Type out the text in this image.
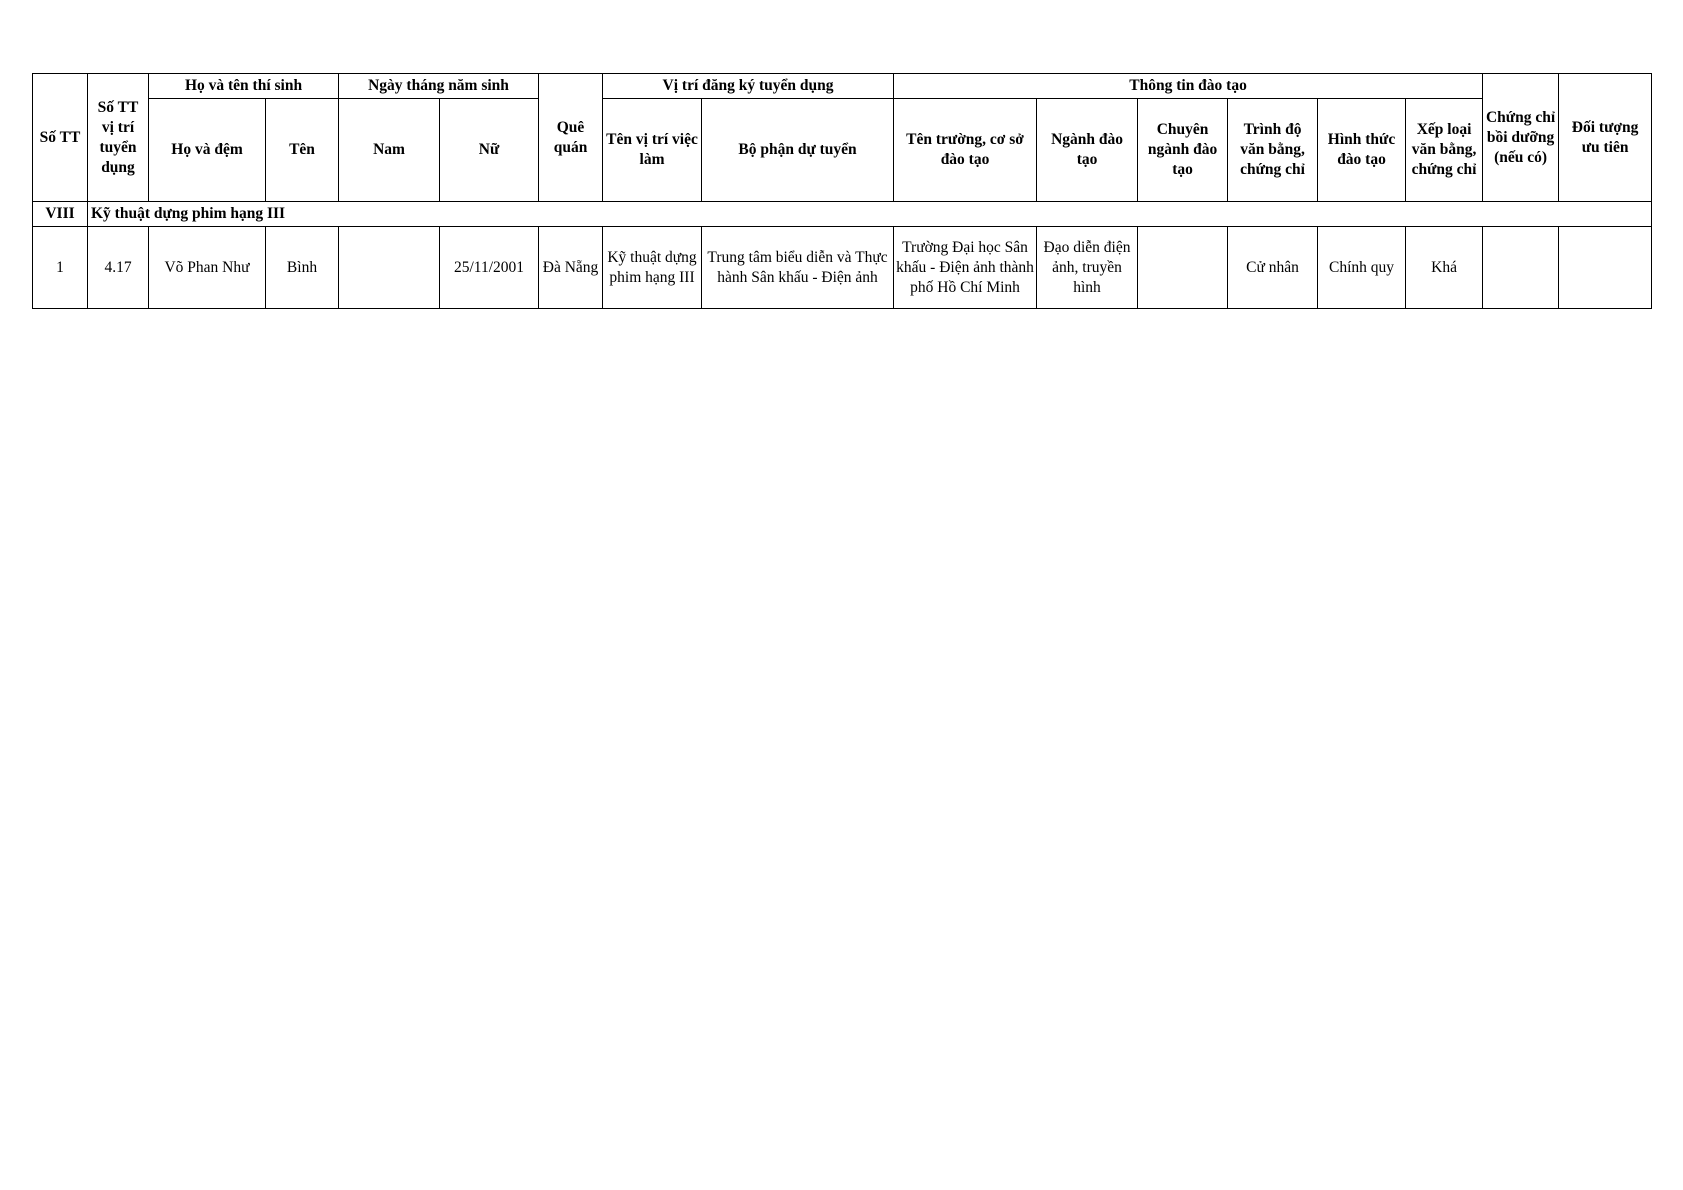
Số TT	Số TT vị trí tuyển dụng	Họ và tên thí sinh		Ngày tháng năm sinh		Quê quán	Vị trí đăng ký tuyển dụng		Thông tin đào tạo						Chứng chỉ bồi dưỡng (nếu có)	Đối tượng ưu tiên
		Họ và đệm	Tên	Nam	Nữ		Tên vị trí việc làm	Bộ phận dự tuyển	Tên trường, cơ sở đào tạo	Ngành đào tạo	Chuyên ngành đào tạo	Trình độ văn bằng, chứng chỉ	Hình thức đào tạo	Xếp loại văn bằng, chứng chỉ		
VIII	Kỹ thuật dựng phim hạng III															
1	4.17	Võ Phan Như	Bình		25/11/2001	Đà Nẵng	Kỹ thuật dựng phim hạng III	Trung tâm biểu diễn và Thực hành Sân khấu - Điện ảnh	Trường Đại học Sân khấu - Điện ảnh thành phố Hồ Chí Minh	Đạo diễn điện ảnh, truyền hình		Cử nhân	Chính quy	Khá		
